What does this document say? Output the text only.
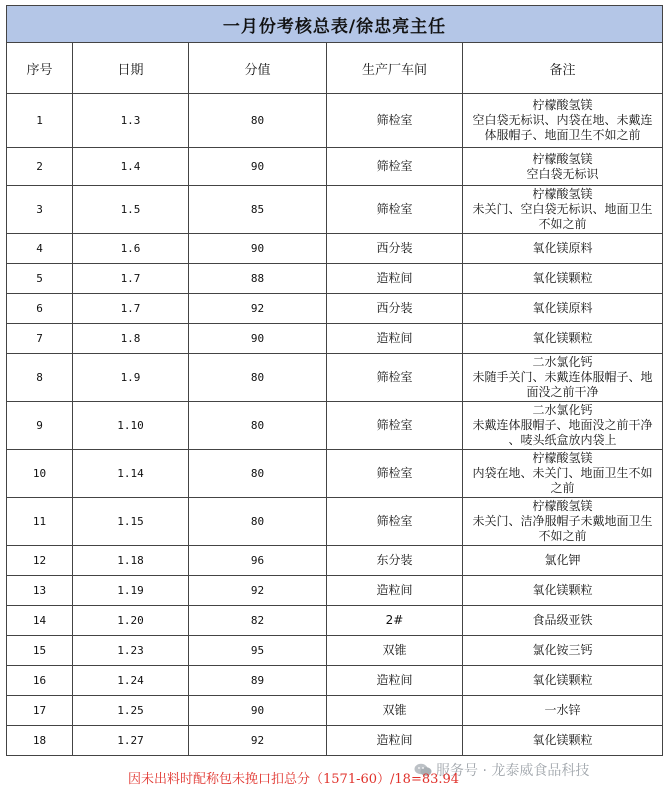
一月份考核总表/徐忠亮主任				
序号	日期	分值	生产厂车间	备注
1	1.3	80	筛检室	柠檬酸氢镁
空白袋无标识、内袋在地、未戴连
体服帽子、地面卫生不如之前

2	1.4	90	筛检室	柠檬酸氢镁
空白袋无标识

3	1.5	85	筛检室	柠檬酸氢镁
未关门、空白袋无标识、地面卫生
不如之前

4	1.6	90	西分装	氧化镁原料

5	1.7	88	造粒间	氧化镁颗粒

6	1.7	92	西分装	氧化镁原料

7	1.8	90	造粒间	氧化镁颗粒

8	1.9	80	筛检室	二水氯化钙
未随手关门、未戴连体服帽子、地
面没之前干净

9	1.10	80	筛检室	二水氯化钙
未戴连体服帽子、地面没之前干净
、唛头纸盒放内袋上

10	1.14	80	筛检室	柠檬酸氢镁
内袋在地、未关门、地面卫生不如
之前

11	1.15	80	筛检室	柠檬酸氢镁
未关门、洁净服帽子未戴地面卫生
不如之前

12	1.18	96	东分装	氯化钾

13	1.19	92	造粒间	氧化镁颗粒

14	1.20	82	2#	食品级亚铁

15	1.23	95	双锥	氯化铵三钙

16	1.24	89	造粒间	氧化镁颗粒

17	1.25	90	双锥	一水锌

18	1.27	92	造粒间	氧化镁颗粒
服务号 · 龙泰威食品科技
因未出料时配称包未挽口扣总分（1571-60）/18=83.94
